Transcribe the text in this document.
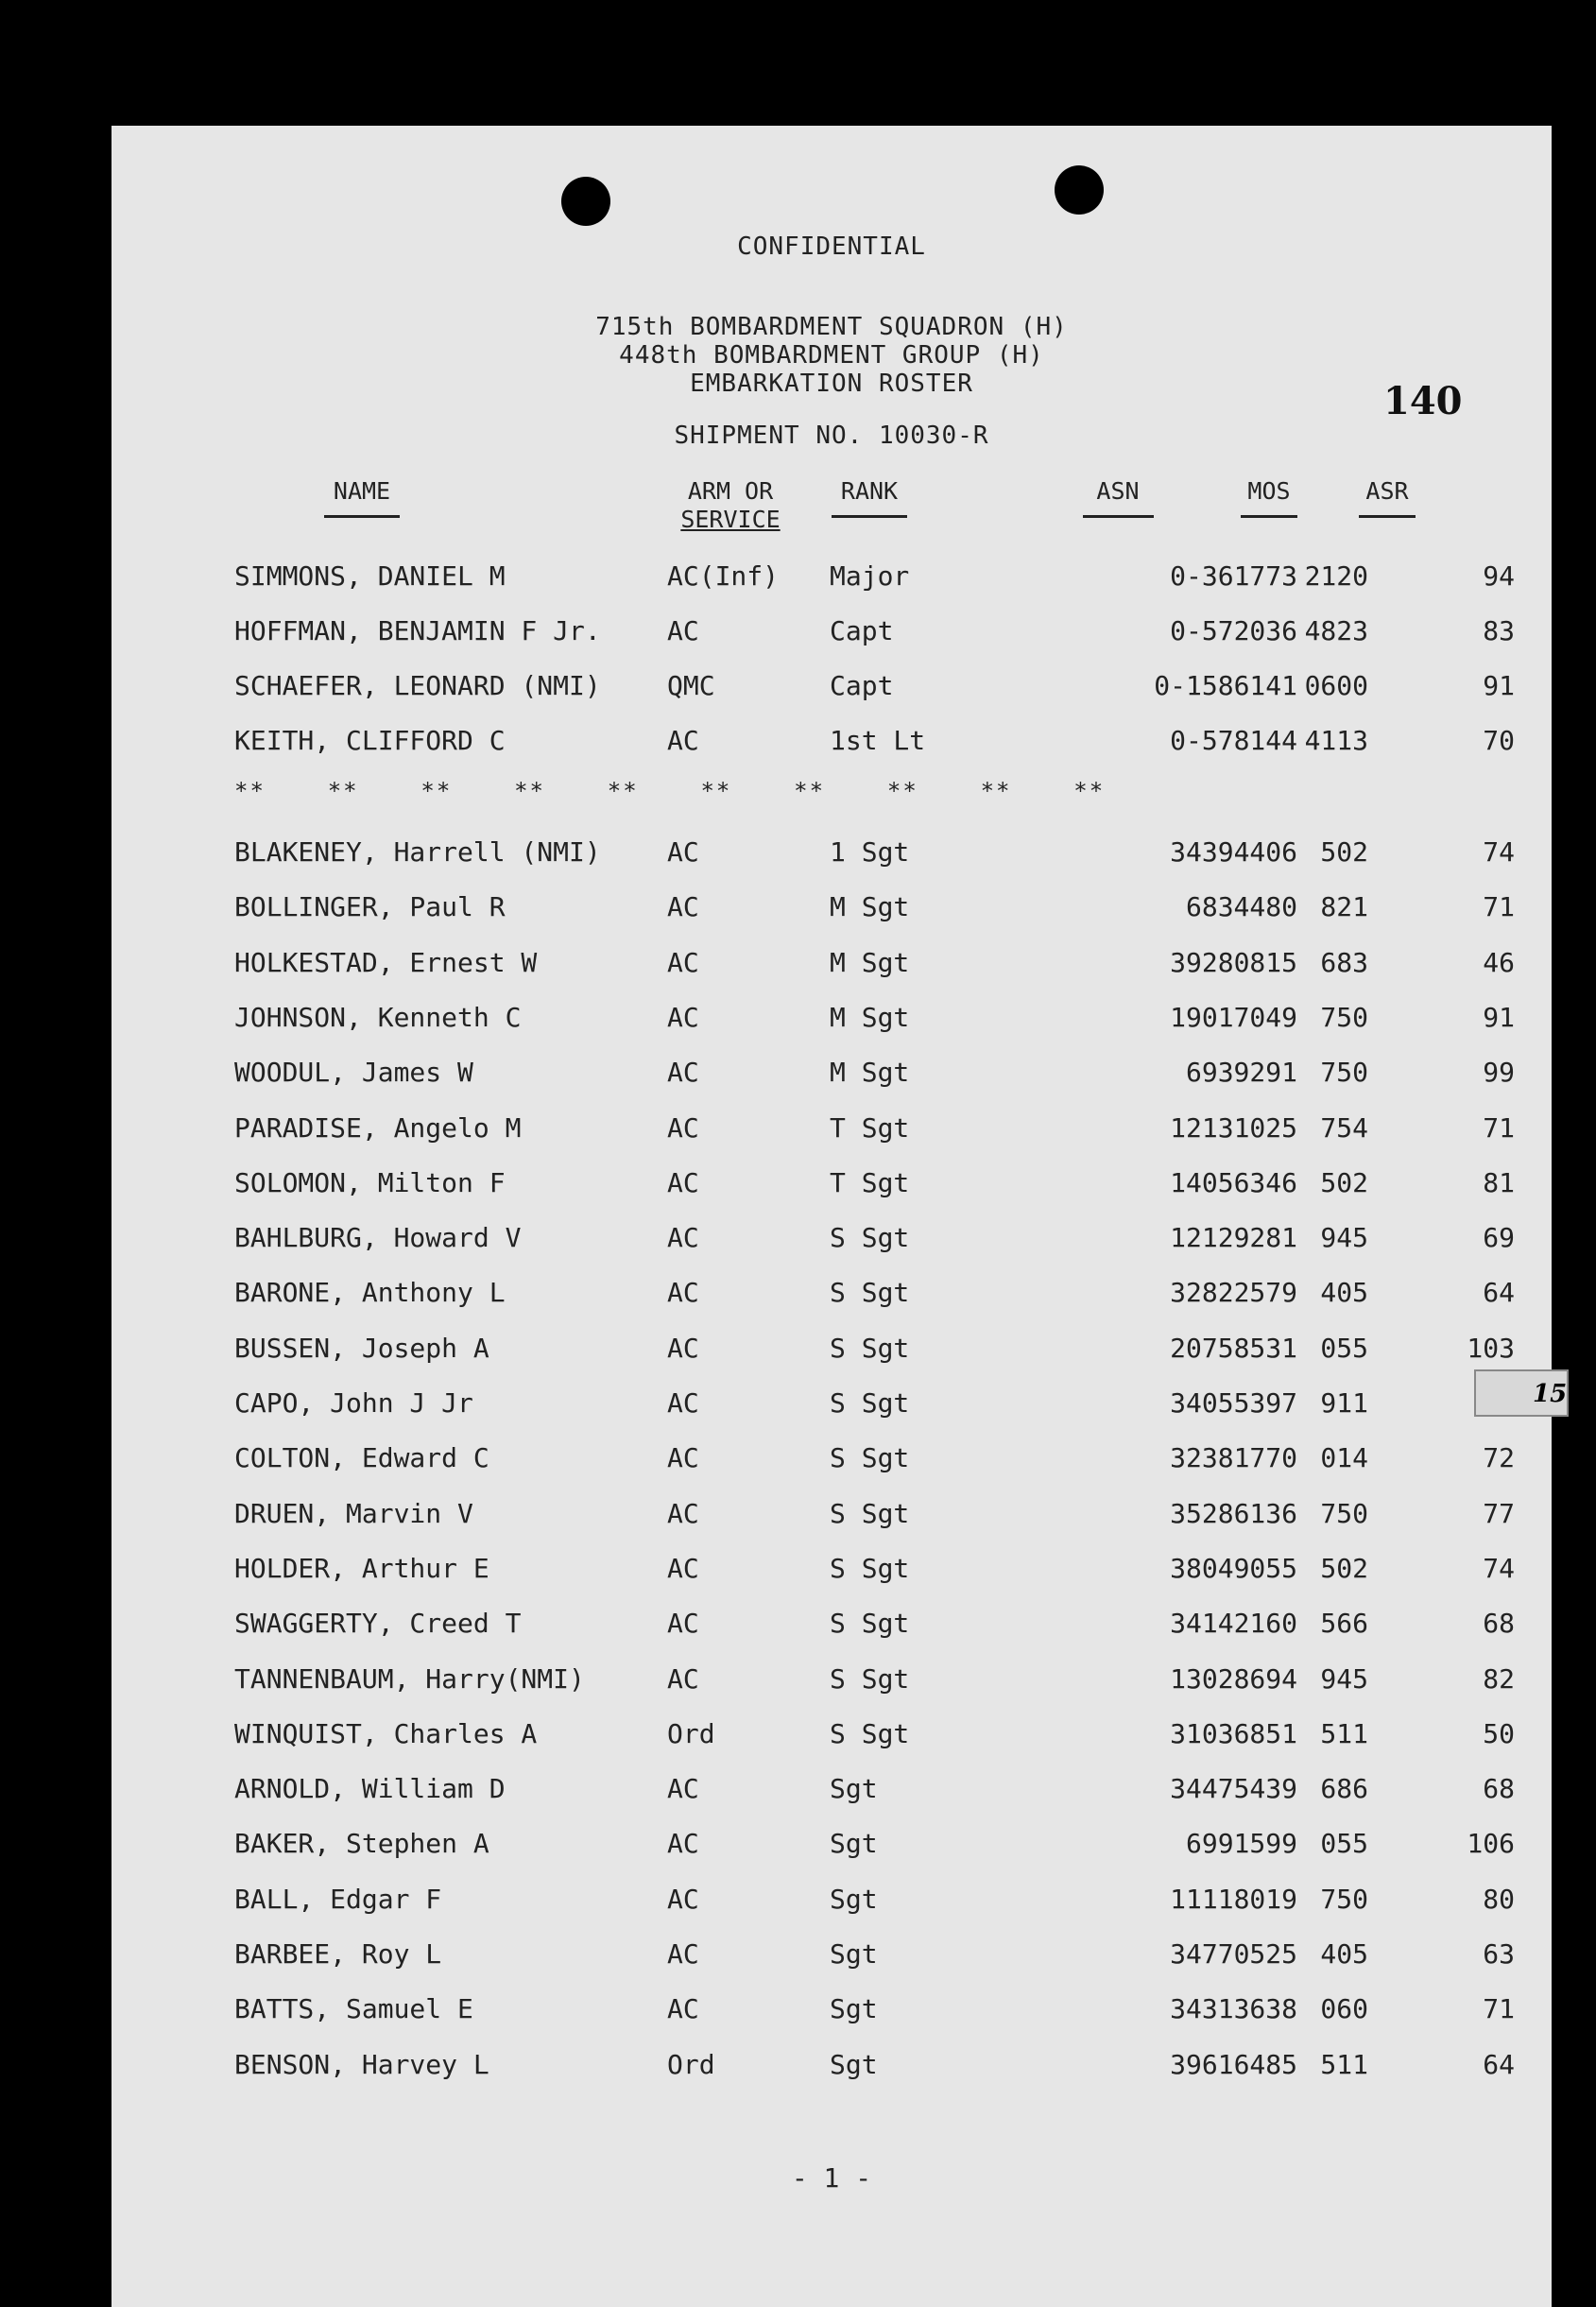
CONFIDENTIAL
715th BOMBARDMENT SQUADRON (H)
448th BOMBARDMENT GROUP (H)
EMBARKATION ROSTER	140
SHIPMENT NO. 10030-R
NAME	ARM OR
SERVICE
RANK	ASN	MOS	ASR
SIMMONS, DANIEL M	AC(Inf) Major	0-361773 2120	94
HOFFMAN, BENJAMIN F Jr.	AC	Capt	0-572036 4823	83
SCHAEFER, LEONARD (NMI)	QMC	Capt	0-1586141 0600	91
KEITH, CLIFFORD C	AC	1st Lt	0-578144 4113	70
**    **    **    **    **    **    **    **    **    **
BLAKENEY, Harrell (NMI)	AC	1 Sgt	34394406 502	74
BOLLINGER, Paul R	AC	M Sgt	6834480 821	71
HOLKESTAD, Ernest W	AC	M Sgt	39280815 683	46
JOHNSON, Kenneth C	AC	M Sgt	19017049 750	91
WOODUL, James W	AC	M Sgt	6939291 750	99
PARADISE, Angelo M	AC	T Sgt	12131025 754	71
SOLOMON, Milton F	AC	T Sgt	14056346 502	81
BAHLBURG, Howard V	AC	S Sgt	12129281 945	69
BARONE, Anthony L	AC	S Sgt	32822579 405	64
BUSSEN, Joseph A	AC	S Sgt	20758531 055	103
CAPO, John J Jr	AC	S Sgt	34055397 911
COLTON, Edward C	AC	S Sgt	32381770 014	72
DRUEN, Marvin V	AC	S Sgt	35286136 750	77
HOLDER, Arthur E	AC	S Sgt	38049055 502	74
SWAGGERTY, Creed T	AC	S Sgt	34142160 566	68
TANNENBAUM, Harry(NMI)	AC	S Sgt	13028694 945	82
WINQUIST, Charles A	Ord	S Sgt	31036851 511	50
ARNOLD, William D	AC	Sgt	34475439 686	68
BAKER, Stephen A	AC	Sgt	6991599 055	106
BALL, Edgar F	AC	Sgt	11118019 750	80
BARBEE, Roy L	AC	Sgt	34770525 405	63
BATTS, Samuel E	AC	Sgt	34313638 060	71
BENSON, Harvey L	Ord	Sgt	39616485 511	64
- 1 -
15
